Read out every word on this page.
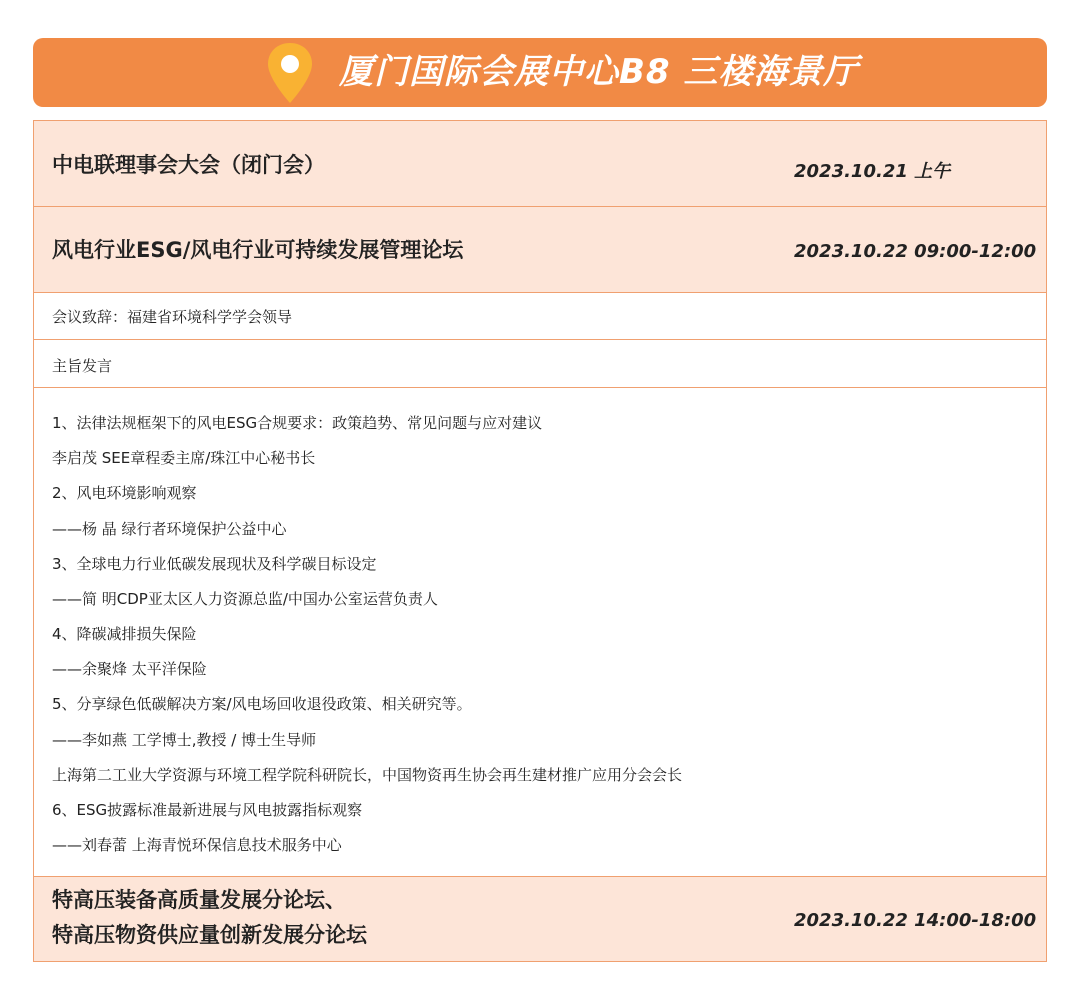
厦门国际会展中心B8 三楼海景厅
中电联理事会大会（闭门会）	2023.10.21 上午
风电行业ESG/风电行业可持续发展管理论坛	2023.10.22 09:00-12:00
会议致辞：福建省环境科学学会领导
主旨发言
1、法律法规框架下的风电ESG合规要求：政策趋势、常见问题与应对建议
李启茂 SEE章程委主席/珠江中心秘书长
2、风电环境影响观察
——杨 晶 绿行者环境保护公益中心
3、全球电力行业低碳发展现状及科学碳目标设定
——简 明CDP亚太区人力资源总监/中国办公室运营负责人
4、降碳减排损失保险
——余聚烽 太平洋保险
5、分享绿色低碳解决方案/风电场回收退役政策、相关研究等。
——李如燕 工学博士,教授 / 博士生导师
上海第二工业大学资源与环境工程学院科研院长，中国物资再生协会再生建材推广应用分会会长
6、ESG披露标准最新进展与风电披露指标观察
——刘春蕾 上海青悦环保信息技术服务中心
特高压装备高质量发展分论坛、
特高压物资供应量创新发展分论坛
2023.10.22 14:00-18:00
